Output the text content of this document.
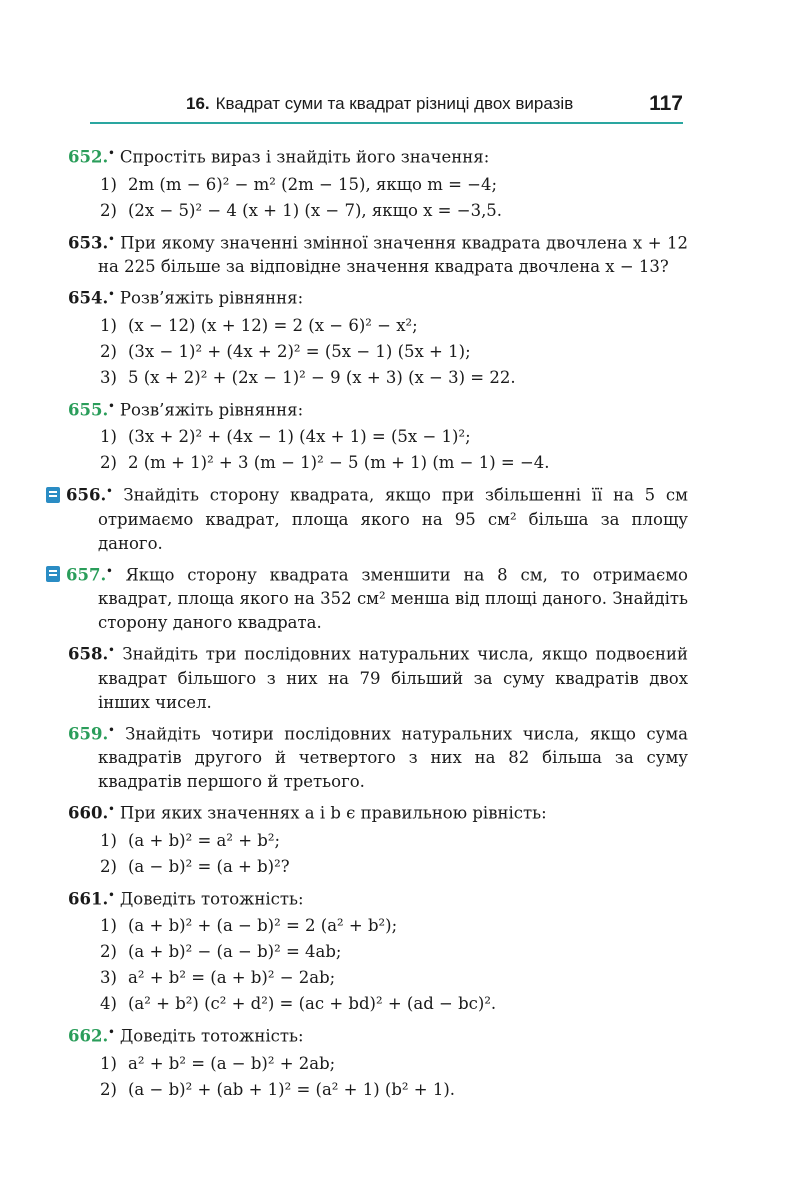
16. Квадрат суми та квадрат різниці двох виразів	117

652.• Спростіть вираз і знайдіть його значення:

1) 2m (m − 6)² − m² (2m − 15), якщо m = −4;
2) (2x − 5)² − 4 (x + 1) (x − 7), якщо x = −3,5.

653.• При якому значенні змінної значення квадрата двочлена x + 12 на 225 більше за відповідне значення квадрата двочлена x − 13?

654.• Розв’яжіть рівняння:

1) (x − 12) (x + 12) = 2 (x − 6)² − x²;
2) (3x − 1)² + (4x + 2)² = (5x − 1) (5x + 1);
3) 5 (x + 2)² + (2x − 1)² − 9 (x + 3) (x − 3) = 22.

655.• Розв’яжіть рівняння:

1) (3x + 2)² + (4x − 1) (4x + 1) = (5x − 1)²;
2) 2 (m + 1)² + 3 (m − 1)² − 5 (m + 1) (m − 1) = −4.

656.• Знайдіть сторону квадрата, якщо при збільшенні її на 5 см отримаємо квадрат, площа якого на 95 см² більша за площу даного.

657.• Якщо сторону квадрата зменшити на 8 см, то отримаємо квадрат, площа якого на 352 см² менша від площі даного. Знайдіть сторону даного квадрата.

658.• Знайдіть три послідовних натуральних числа, якщо подвоєний квадрат більшого з них на 79 більший за суму квадратів двох інших чисел.

659.• Знайдіть чотири послідовних натуральних числа, якщо сума квадратів другого й четвертого з них на 82 більша за суму квадратів першого й третього.

660.• При яких значеннях a і b є правильною рівність:

1) (a + b)² = a² + b²;
2) (a − b)² = (a + b)²?

661.• Доведіть тотожність:

1) (a + b)² + (a − b)² = 2 (a² + b²);
2) (a + b)² − (a − b)² = 4ab;
3) a² + b² = (a + b)² − 2ab;
4) (a² + b²) (c² + d²) = (ac + bd)² + (ad − bc)².

662.• Доведіть тотожність:

1) a² + b² = (a − b)² + 2ab;
2) (a − b)² + (ab + 1)² = (a² + 1) (b² + 1).
